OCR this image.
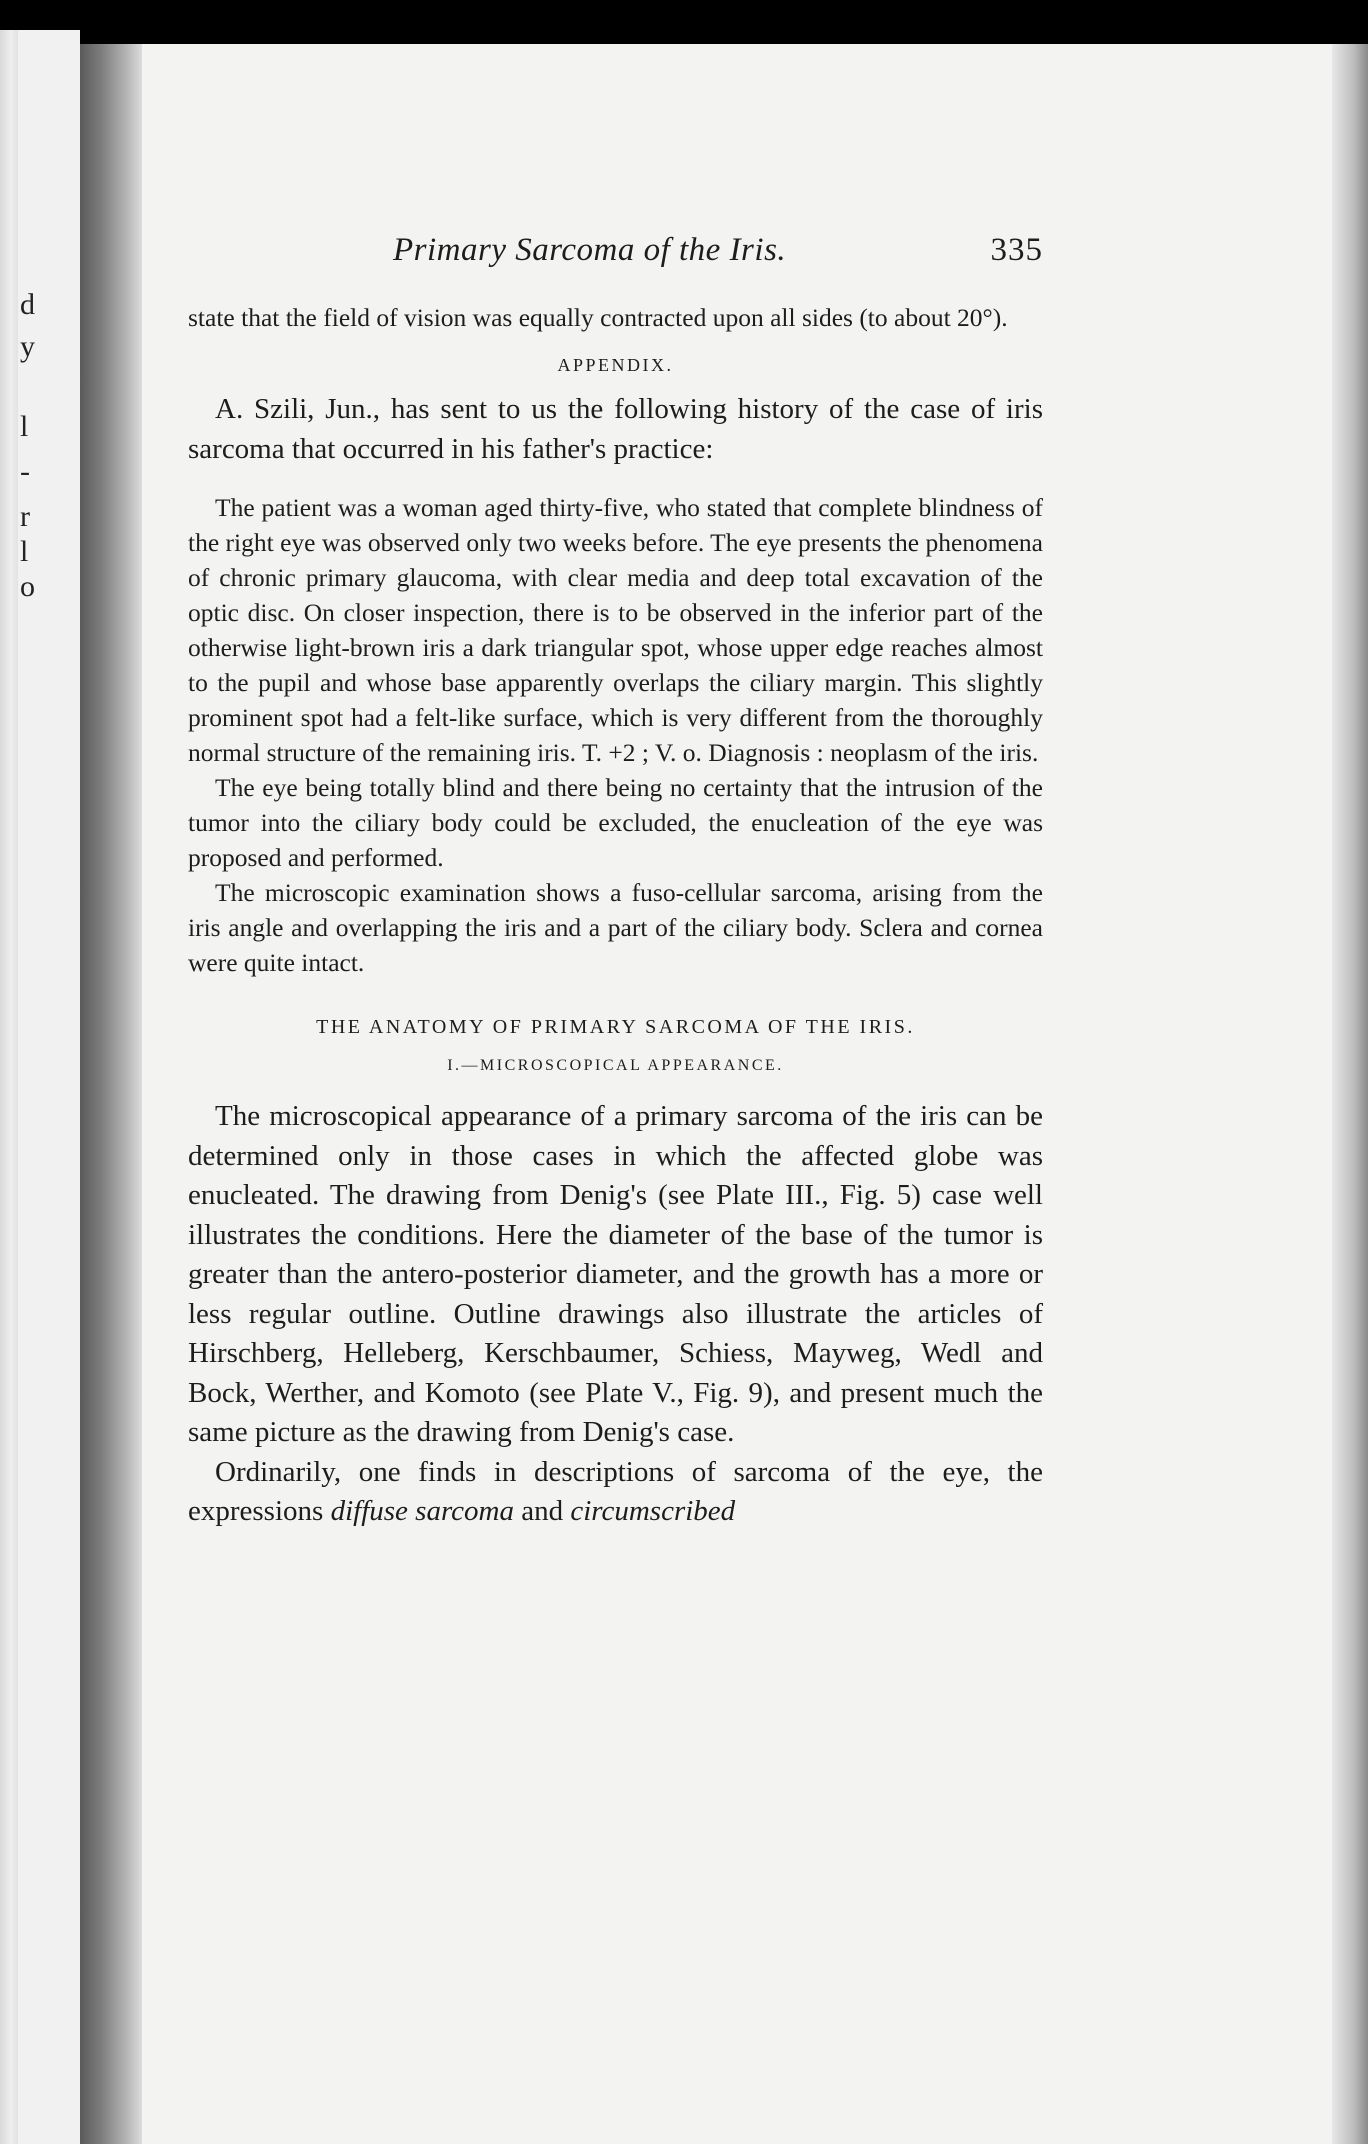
d
y
l
-
r
l
o
Primary Sarcoma of the Iris.	335

state that the field of vision was equally contracted upon all sides (to about 20°).

APPENDIX.

A. Szili, Jun., has sent to us the following history of the case of iris sarcoma that occurred in his father's practice:

The patient was a woman aged thirty-five, who stated that complete blindness of the right eye was observed only two weeks before. The eye presents the phenomena of chronic primary glaucoma, with clear media and deep total excavation of the optic disc. On closer inspection, there is to be observed in the inferior part of the otherwise light-brown iris a dark triangular spot, whose upper edge reaches almost to the pupil and whose base apparently overlaps the ciliary margin. This slightly prominent spot had a felt-like surface, which is very different from the thoroughly normal structure of the remaining iris. T. +2 ; V. o. Diagnosis : neoplasm of the iris.

The eye being totally blind and there being no certainty that the intrusion of the tumor into the ciliary body could be excluded, the enucleation of the eye was proposed and performed.

The microscopic examination shows a fuso-cellular sarcoma, arising from the iris angle and overlapping the iris and a part of the ciliary body. Sclera and cornea were quite intact.

THE ANATOMY OF PRIMARY SARCOMA OF THE IRIS.

I.—MICROSCOPICAL APPEARANCE.

The microscopical appearance of a primary sarcoma of the iris can be determined only in those cases in which the affected globe was enucleated. The drawing from Denig's (see Plate III., Fig. 5) case well illustrates the conditions. Here the diameter of the base of the tumor is greater than the antero-posterior diameter, and the growth has a more or less regular outline. Outline drawings also illustrate the articles of Hirschberg, Helleberg, Kerschbaumer, Schiess, Mayweg, Wedl and Bock, Werther, and Komoto (see Plate V., Fig. 9), and present much the same picture as the drawing from Denig's case.

Ordinarily, one finds in descriptions of sarcoma of the eye, the expressions diffuse sarcoma and circumscribed
